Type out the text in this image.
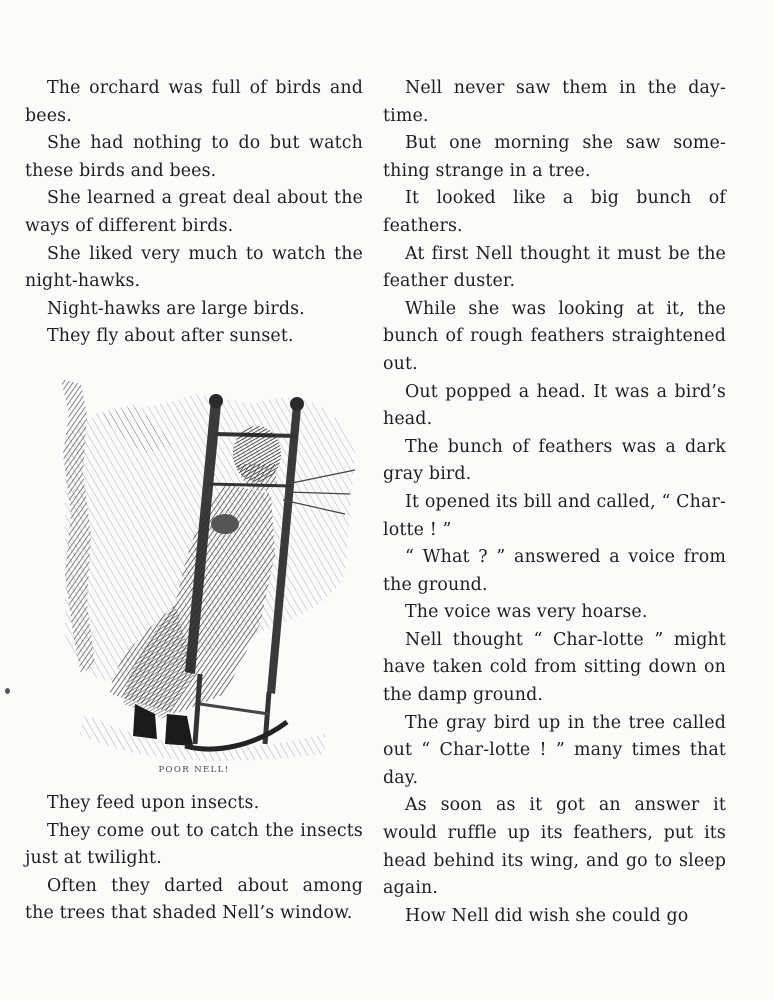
The orchard was full of birds and bees.

She had nothing to do but watch these birds and bees.

She learned a great deal about the ways of different birds.

She liked very much to watch the night-hawks.

Night-hawks are large birds.

They fly about after sunset.

POOR NELL!

They feed upon insects.

They come out to catch the insects just at twilight.

Often they darted about among the trees that shaded Nell’s window.

Nell never saw them in the day-time.

But one morning she saw some-thing strange in a tree.

It looked like a big bunch of feathers.

At first Nell thought it must be the feather duster.

While she was looking at it, the bunch of rough feathers straightened out.

Out popped a head. It was a bird’s head.

The bunch of feathers was a dark gray bird.

It opened its bill and called, “ Char-lotte ! ”

“ What ? ” answered a voice from the ground.

The voice was very hoarse.

Nell thought “ Char-lotte ” might have taken cold from sitting down on the damp ground.

The gray bird up in the tree called out “ Char-lotte ! ” many times that day.

As soon as it got an answer it would ruffle up its feathers, put its head behind its wing, and go to sleep again.

How Nell did wish she could go
